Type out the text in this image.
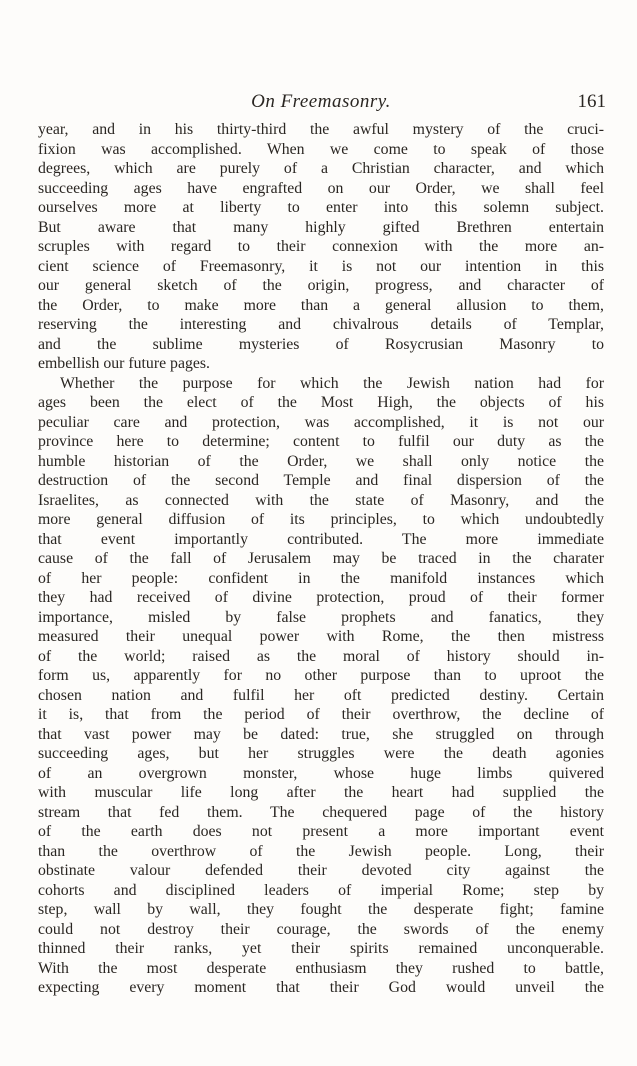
On Freemasonry.	161
year, and in his thirty-third the awful mystery of the cruci-
fixion was accomplished. When we come to speak of those
degrees, which are purely of a Christian character, and which
succeeding ages have engrafted on our Order, we shall feel
ourselves more at liberty to enter into this solemn subject.
But aware that many highly gifted Brethren entertain
scruples with regard to their connexion with the more an-
cient science of Freemasonry, it is not our intention in this
our general sketch of the origin, progress, and character of
the Order, to make more than a general allusion to them,
reserving the interesting and chivalrous details of Templar,
and the sublime mysteries of Rosycrusian Masonry to
embellish our future pages.
Whether the purpose for which the Jewish nation had for
ages been the elect of the Most High, the objects of his
peculiar care and protection, was accomplished, it is not our
province here to determine; content to fulfil our duty as the
humble historian of the Order, we shall only notice the
destruction of the second Temple and final dispersion of the
Israelites, as connected with the state of Masonry, and the
more general diffusion of its principles, to which undoubtedly
that event importantly contributed. The more immediate
cause of the fall of Jerusalem may be traced in the charater
of her people: confident in the manifold instances which
they had received of divine protection, proud of their former
importance, misled by false prophets and fanatics, they
measured their unequal power with Rome, the then mistress
of the world; raised as the moral of history should in-
form us, apparently for no other purpose than to uproot the
chosen nation and fulfil her oft predicted destiny. Certain
it is, that from the period of their overthrow, the decline of
that vast power may be dated: true, she struggled on through
succeeding ages, but her struggles were the death agonies
of an overgrown monster, whose huge limbs quivered
with muscular life long after the heart had supplied the
stream that fed them. The chequered page of the history
of the earth does not present a more important event
than the overthrow of the Jewish people. Long, their
obstinate valour defended their devoted city against the
cohorts and disciplined leaders of imperial Rome; step by
step, wall by wall, they fought the desperate fight; famine
could not destroy their courage, the swords of the enemy
thinned their ranks, yet their spirits remained unconquerable.
With the most desperate enthusiasm they rushed to battle,
expecting every moment that their God would unveil the
